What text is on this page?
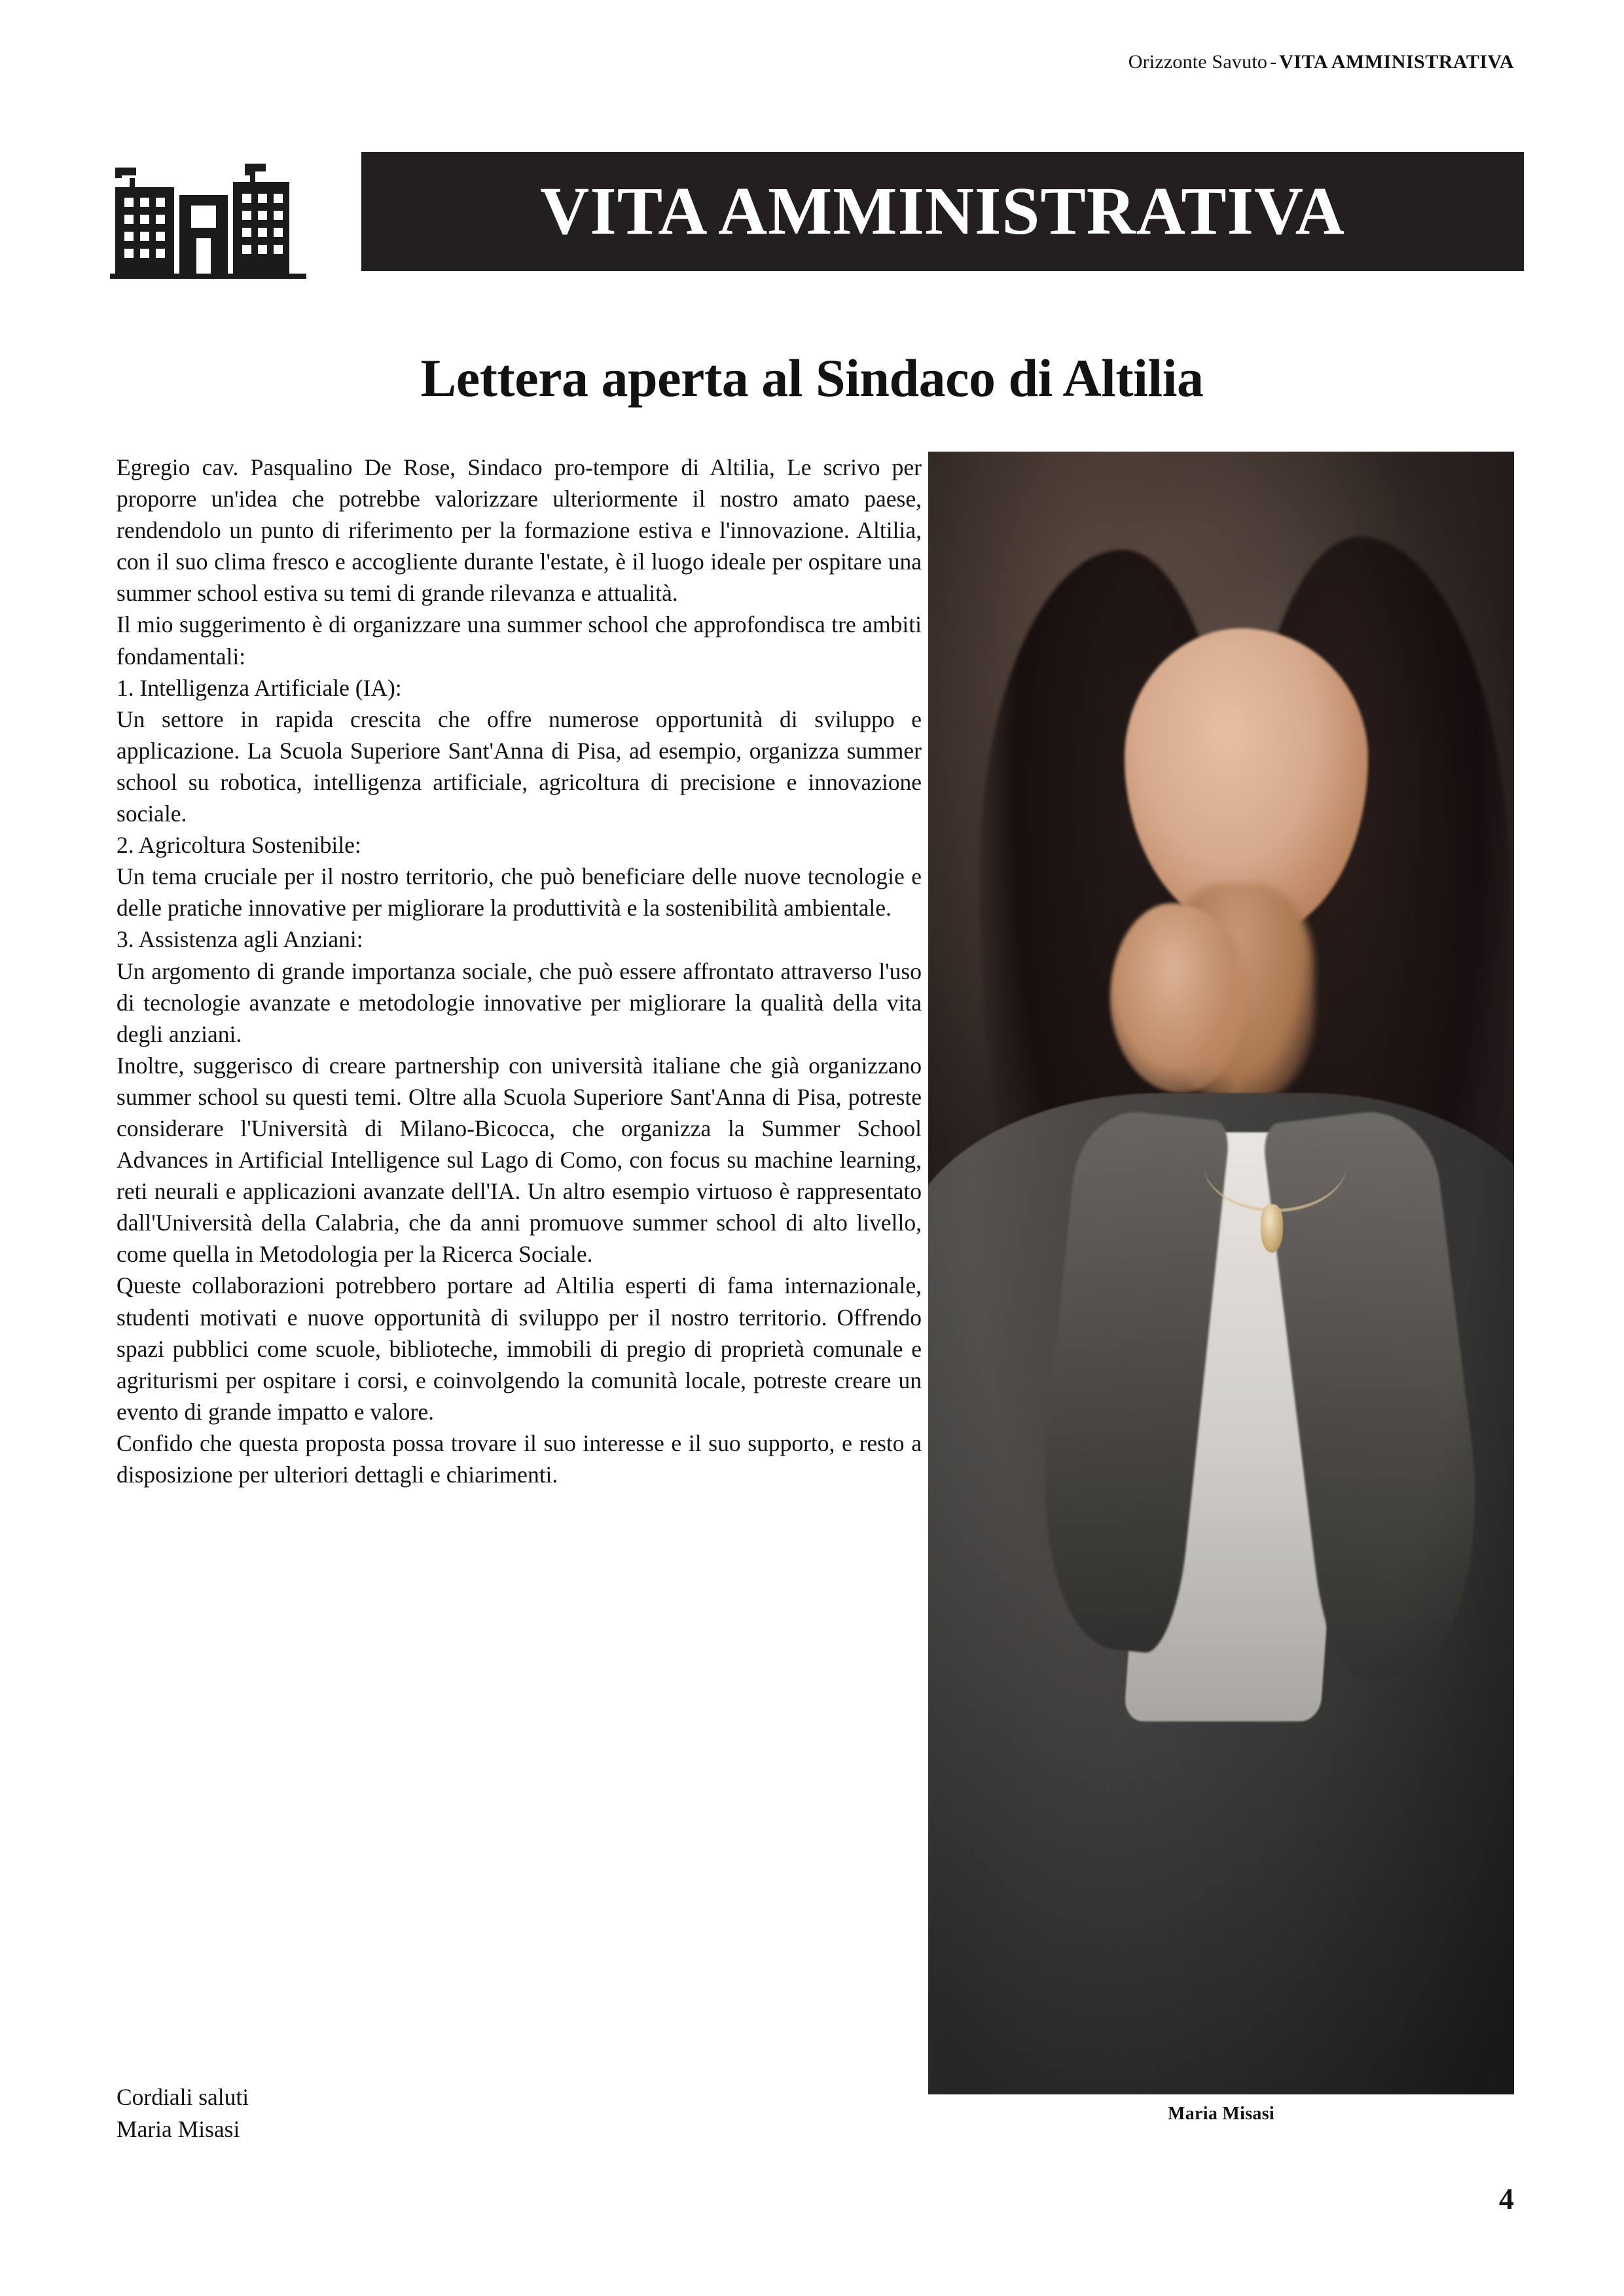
Orizzonte Savuto - VITA AMMINISTRATIVA
VITA AMMINISTRATIVA
Lettera aperta al Sindaco di Altilia

Egregio cav. Pasqualino De Rose, Sindaco pro-tempore di Altilia, Le scrivo per proporre un'idea che potrebbe valorizzare ulteriormente il nostro amato paese, rendendolo un punto di riferimento per la formazione estiva e l'innovazione. Altilia, con il suo clima fresco e accogliente durante l'estate, è il luogo ideale per ospitare una summer school estiva su temi di grande rilevanza e attualità.

Il mio suggerimento è di organizzare una summer school che approfondisca tre ambiti fondamentali:

1. Intelligenza Artificiale (IA):

Un settore in rapida crescita che offre numerose opportunità di sviluppo e applicazione. La Scuola Superiore Sant'Anna di Pisa, ad esempio, organizza summer school su robotica, intelligenza artificiale, agricoltura di precisione e innovazione sociale.

2. Agricoltura Sostenibile:

Un tema cruciale per il nostro territorio, che può beneficiare delle nuove tecnologie e delle pratiche innovative per migliorare la produttività e la sostenibilità ambientale.

3. Assistenza agli Anziani:

Un argomento di grande importanza sociale, che può essere affrontato attraverso l'uso di tecnologie avanzate e metodologie innovative per migliorare la qualità della vita degli anziani.

Inoltre, suggerisco di creare partnership con università italiane che già organizzano summer school su questi temi. Oltre alla Scuola Superiore Sant'Anna di Pisa, potreste considerare l'Università di Milano-Bicocca, che organizza la Summer School Advances in Artificial Intelligence sul Lago di Como, con focus su machine learning, reti neurali e applicazioni avanzate dell'IA. Un altro esempio virtuoso è rappresentato dall'Università della Calabria, che da anni promuove summer school di alto livello, come quella in Metodologia per la Ricerca Sociale.

Queste collaborazioni potrebbero portare ad Altilia esperti di fama internazionale, studenti motivati e nuove opportunità di sviluppo per il nostro territorio. Offrendo spazi pubblici come scuole, biblioteche, immobili di pregio di proprietà comunale e agriturismi per ospitare i corsi, e coinvolgendo la comunità locale, potreste creare un evento di grande impatto e valore.

Confido che questa proposta possa trovare il suo interesse e il suo supporto, e resto a disposizione per ulteriori dettagli e chiarimenti.

Cordiali saluti
Maria Misasi
Maria Misasi
4
